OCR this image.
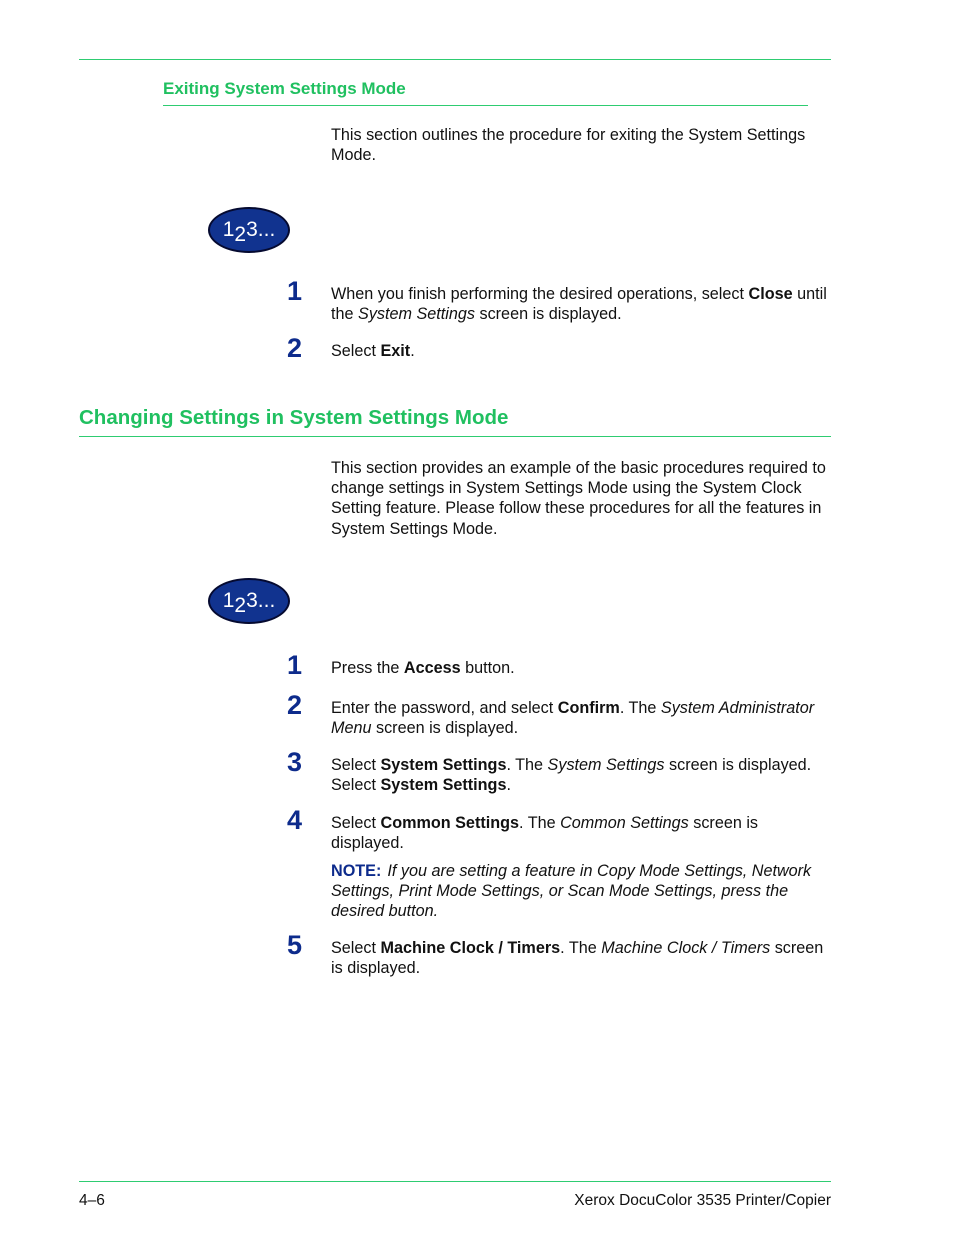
Exiting System Settings Mode

This section outlines the procedure for exiting the System Settings Mode.

1 2 3...
1 When you finish performing the desired operations, select Close until the System Settings screen is displayed.

2 Select Exit.

Changing Settings in System Settings Mode

This section provides an example of the basic procedures required to change settings in System Settings Mode using the System Clock Setting feature. Please follow these procedures for all the features in System Settings Mode.

1 2 3...
1 Press the Access button.

2 Enter the password, and select Confirm. The System Administrator Menu screen is displayed.

3 Select System Settings. The System Settings screen is displayed. Select System Settings.

4 Select Common Settings. The Common Settings screen is displayed.

NOTE: If you are setting a feature in Copy Mode Settings, Network Settings, Print Mode Settings, or Scan Mode Settings, press the desired button.

5 Select Machine Clock / Timers. The Machine Clock / Timers screen is displayed.

4–6	Xerox DocuColor 3535 Printer/Copier
